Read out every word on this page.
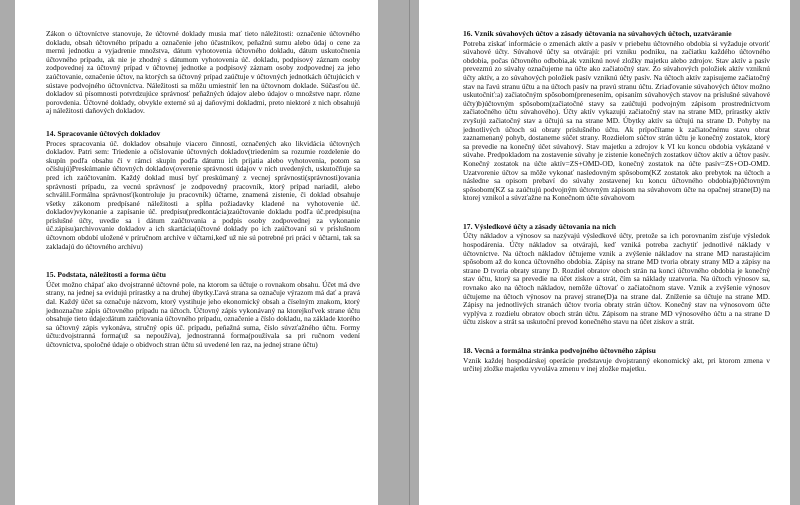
Zákon o účtovníctve stanovuje, že účtovné doklady musia mať tieto náležitosti: označenie účtovného dokladu, obsah účtovného prípadu a označenie jeho účastníkov, peňažnú sumu alebo údaj o cene za mernú jednotku a vyjadrenie množstva, dátum vyhotovenia účtovného dokladu, dátum uskutočnenia účtovného prípadu, ak nie je zhodný s dátumom vyhotovenia úč. dokladu, podpisový záznam osoby zodpovednej za účtovný prípad v účtovnej jednotke a podpisový záznam osoby zodpovednej za jeho zaúčtovanie, označenie účtov, na ktorých sa účtovný prípad zaúčtuje v účtovných jednotkách účtujúcich v sústave podvojného účtovníctva. Náležitosti sa môžu umiestniť len na účtovnom doklade. Súčasťou úč. dokladov sú písomnosti potvrdzujúce správnosť peňažných údajov alebo údajov o množstve napr. rôzne porovdenia. Účtovné doklady, obvykle externé sú aj daňovými dokladmi, preto niektoré z nich obsahujú aj náležitosti daňových dokladov.

14. Spracovanie účtových dokladov

Proces spracovania úč. dokladov obsahuje viacero činností, označených ako likvidácia účtovných dokladov. Patri sem: Triedenie a očíslovanie účtovných dokladov(triedením sa rozumie rozdelenie do skupín podľa obsahu či v rámci skupín podľa dátumu ich prijatia alebo vyhotovenia, potom sa očíslujú)Preskúmanie účtovných dokladov(overenie správnosti údajov v ních uvedených, uskutočňuje sa pred ich zaúčtovaním. Každý doklad musí byť preskúmaný z vecnej správnosti(správnosti)ovania správnosti prípadu, za vecnú správnosť je zodpovedný pracovník, ktorý prípad nariadil, alebo schválil.Formálna správnosť(kontroluje ju pracovník) účtarne, znamená zistenie, či doklad obsahuje všetky zákonom predpísané náležitosti a spĺňa požiadavky kladené na vyhotovenie úč. dokladov)vykonanie a zapísanie úč. predpisu(predkontácia)zaúčtovanie dokladu podľa úč.predpisu(na príslušné účty, uvedie sa i dátum zaúčtovania a podpis osoby zodpovednej za vykonanie úč.zápisu)archivovanie dokladov a ich skartácia(účtovné doklady po ich zaúčtovaní sú v príslušnom účtovnom období uložené v príručnom archíve v účtarni,keď už nie sú potrebné pri práci v účtarni, tak sa zakladajú do účtovného archívu)

15. Podstata, náležitosti a forma účtu

Účet možno chápať ako dvojstranné účtovné pole, na ktorom sa účtuje o rovnakom obsahu. Účet má dve strany, na jednej sa evidujú prírastky a na druhej úbytky.Ľavá strana sa označuje výrazom má dať a pravá dal. Každý účet sa označuje názvom, ktorý vystihuje jeho ekonomický obsah a číselným znakom, ktorý jednoznačne zápis účtovného prípadu na účtoch. Účtovný zápis vykonávaný na ktorejkoľvek strane účtu obsahuje tieto údaje:dátum zaúčtovania účtovného prípadu, označenie a číslo dokladu, na základe ktorého sa účtovný zápis vykonáva, stručný opis úč. prípadu, peňažná suma, číslo súvzťažného účtu. Formy účtu:dvojstranná forma(už sa nepoužíva), jednostranná forma(používala sa pri ručnom vedení účtovníctva, spoločné údaje o obidvoch stran účtu sú uvedené len raz, na jednej strane účtu)

16. Vznik súvahových účtov a zásady účtovania na súvahových účtoch, uzatváranie

Potreba získať informácie o zmenách aktív a pasív v priebehu účtovného obdobia si vyžaduje otvoriť súvahové účty. Súvahové účty sa otvárajú: pri vzniku podniku, na začiatku každého účtovného obdobia, počas účtovného odbobia,ak vzniknú nové zložky majetku alebo zdrojov. Stav aktív a pasív prevezmú zo súvahy označujeme na účte ako začiatočný stav. Zo súvahových položiek aktív vzniknú účty aktív, a zo súvahových položiek pasív vzniknú účty pasív. Na účtoch aktív zapisujeme začiatočný stav na ľavú stranu účtu a na účtoch pasív na pravú stranu účtu. Zriaďovanie súvahových účtov možno uskutočniť:a) začiatočným spôsobom(prenesením, opisaním súvahových stavov na príslušné súvahové účty)b)účtovným spôsobom(začiatočné stavy sa zaúčtujú podvojným zápisom prostredníctvom začiatočného účtu súvahového). Účty aktív vykazujú začiatočný stav na strane MD, prírastky aktív zvyšujú začiatočný stav a účtujú sa na strane MD. Úbytky aktív sa účtujú na strane D. Pohyby na jednotlivých účtoch sú obraty príslušného účtu. Ak prípočítame k začiatočnému stavu obrat zaznamenaný pohyb, dostaneme súčet strany. Rozdielom súčtov strán účtu je konečný zostatok, ktorý sa prevedie na konečný účet súvahový. Stav majetku a zdrojov k VI ku koncu obdobia vykázané v súvahe. Predpokladom na zostavenie súvahy je zistenie konečných zostatkov účtov aktív a účtov pasív. Konečný zostatok na účte aktív=ZS+OMD-OD, konečný zostatok na účte pasív=ZS+OD-OMD. Uzatvorenie účtov sa môže vykonať nasledovným spôsobom(KZ zostatok ako prebytok na účtoch a následne sa opisom prebaví do súvahy zostavenej ku koncu účtovného obdobia)b)účtovným spôsobom(KZ sa zaúčtujú podvojným účtovným zápisom na súvahovom účte na opačnej strane(D) na ktorej vznikol a súvzťažne na Konečnom účte súvahovom

17. Výsledkové účty a zásady účtovania na nich

Účty nákladov a výnosov sa nazývajú výsledkové účty, pretože sa ich porovnaním zisťuje výsledok hospodárenia. Účty nákladov sa otvárajú, keď vzniká potreba zachytiť jednotlivé náklady v účtovníctve. Na účtoch nákladov účtujeme vznik a zvýšenie nákladov na strane MD narastajúcim spôsobom až do konca účtovného obdobia. Zápisy na strane MD tvoria obraty strany MD a zápisy na strane D tvoria obraty strany D. Rozdiel obratov oboch strán na konci účtovného obdobia je konečný stav účtu, ktorý sa prevedie na účet ziskov a strát, čím sa náklady uzatvoria. Na účtoch výnosov sa, rovnako ako na účtoch nákladov, nemôže účtovať o začiatočnom stave. Vznik a zvýšenie výnosov účtujeme na účtoch výnosov na pravej strane(D)a na strane dal. Zníženie sa účtuje na strane MD. Zápisy na jednotlivých stranách účtov tvoria obraty strán účtov. Konečný stav na výnosovom účte vyplýva z rozdielu obratov oboch strán účtu. Zápisom na strane MD výnosového účtu a na strane D účtu ziskov a strát sa uskutoční prevod konečného stavu na účet ziskov a strát.

18. Vecná a formálna stránka podvojného účtovného zápisu

Vznik každej hospodárskej operácie predstavuje dvojstranný ekonomický akt, pri ktorom zmena v určitej zložke majetku vyvoláva zmenu v inej zložke majetku.
